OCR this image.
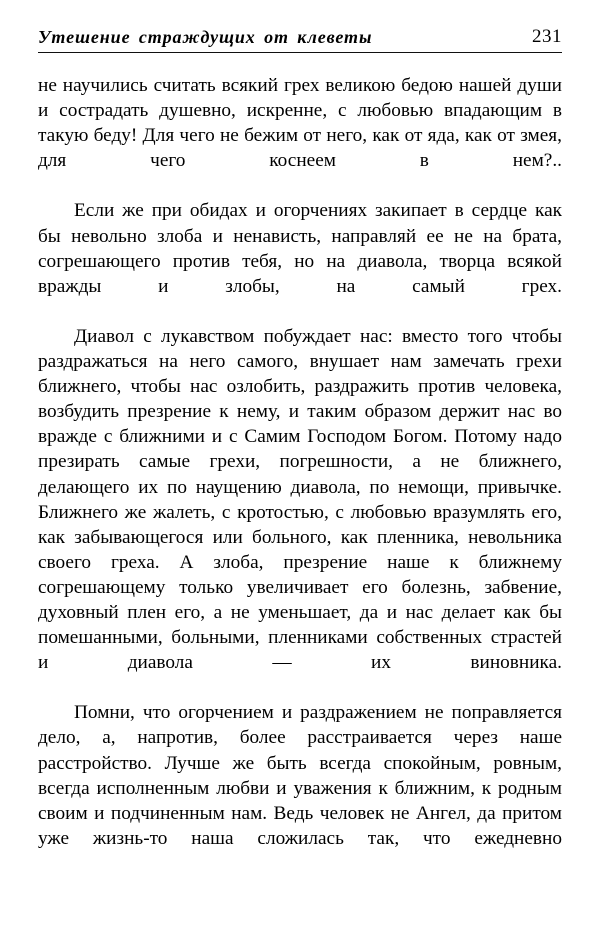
Утешение страждущих от клеветы	231

не научились считать всякий грех великою бедою нашей души и сострадать душевно, искренне, с любовью впадающим в такую беду! Для чего не бежим от него, как от яда, как от змея, для чего коснеем в нем?..

Если же при обидах и огорчениях закипает в сердце как бы невольно злоба и ненависть, направляй ее не на брата, согрешающего против тебя, но на диавола, творца всякой вражды и злобы, на самый грех.

Диавол с лукавством побуждает нас: вместо того чтобы раздражаться на него самого, внушает нам замечать грехи ближнего, чтобы нас озлобить, раздражить против человека, возбудить презрение к нему, и таким образом держит нас во вражде с ближними и с Самим Господом Богом. Потому надо презирать самые грехи, погрешности, а не ближнего, делающего их по наущению диавола, по немощи, привычке. Ближнего же жалеть, с кротостью, с любовью вразумлять его, как забывающегося или больного, как пленника, невольника своего греха. А злоба, презрение наше к ближнему согрешающему только увеличивает его болезнь, забвение, духовный плен его, а не уменьшает, да и нас делает как бы помешанными, больными, пленниками собственных страстей и диавола — их виновника.

Помни, что огорчением и раздражением не поправляется дело, а, напротив, более расстраивается через наше расстройство. Лучше же быть всегда спокойным, ровным, всегда исполненным любви и уважения к ближним, к родным своим и подчиненным нам. Ведь человек не Ангел, да притом уже жизнь-то наша сложилась так, что ежедневно
